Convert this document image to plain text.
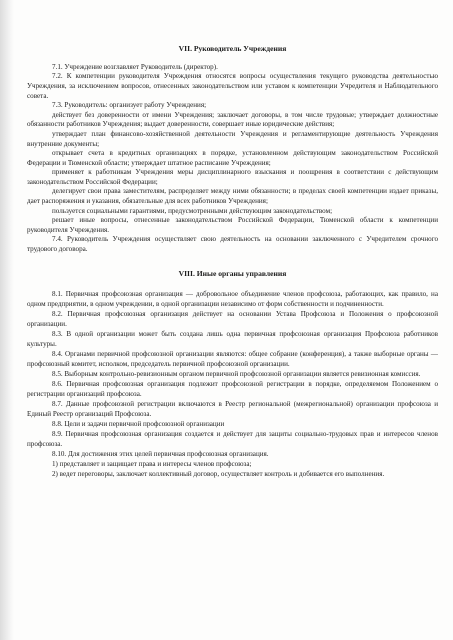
VII. Руководитель Учреждения

7.1. Учреждение возглавляет Руководитель (директор).

7.2. К компетенции руководителя Учреждения относятся вопросы осуществления текущего руководства деятельностью Учреждения, за исключением вопросов, отнесенных законодательством или уставом к компетенции Учредителя и Наблюдательного совета.

7.3. Руководитель: организует работу Учреждения;

действует без доверенности от имени Учреждения; заключает договоры, в том числе трудовые; утверждает должностные обязанности работников Учреждения; выдает доверенности, совершает иные юридические действия;

утверждает план финансово-хозяйственной деятельности Учреждения и регламентирующие деятельность Учреждения внутренние документы;

открывает счета в кредитных организациях в порядке, установленном действующим законодательством Российской Федерации и Тюменской области; утверждает штатное расписание Учреждения;

применяет к работникам Учреждения меры дисциплинарного взыскания и поощрения в соответствии с действующим законодательством Российской Федерации;

делегирует свои права заместителям, распределяет между ними обязанности; в пределах своей компетенции издает приказы, дает распоряжения и указания, обязательные для всех работников Учреждения;

пользуется социальными гарантиями, предусмотренными действующим законодательством;

решает иные вопросы, отнесенные законодательством Российской Федерации, Тюменской области к компетенции руководителя Учреждения.

7.4. Руководитель Учреждения осуществляет свою деятельность на основании заключенного с Учредителем срочного трудового договора.

VIII. Иные органы управления

8.1. Первичная профсоюзная организация — добровольное объединение членов профсоюза, работающих, как правило, на одном предприятии, в одном учреждении, в одной организации независимо от форм собственности и подчиненности.

8.2. Первичная профсоюзная организация действует на основании Устава Профсоюза и Положения о профсоюзной организации.

8.3. В одной организации может быть создана лишь одна первичная профсоюзная организация Профсоюза работников культуры.

8.4. Органами первичной профсоюзной организации являются: общее собрание (конференция), а также выборные органы — профсоюзный комитет, исполком, председатель первичной профсоюзной организации.

8.5. Выборным контрольно-ревизионным органом первичной профсоюзной организации является ревизионная комиссия.

8.6. Первичная профсоюзная организация подлежит профсоюзной регистрации в порядке, определяемом Положением о регистрации организаций профсоюза.

8.7. Данные профсоюзной регистрации включаются в Реестр региональной (межрегиональной) организации профсоюза и Единый Реестр организаций Профсоюза.

8.8. Цели и задачи первичной профсоюзной организации

8.9. Первичная профсоюзная организация создается и действует для защиты социально-трудовых прав и интересов членов профсоюза.

8.10. Для достижения этих целей первичная профсоюзная организация.

1) представляет и защищает права и интересы членов профсоюза;

2) ведет переговоры, заключает коллективный договор, осуществляет контроль и добивается его выполнения.
